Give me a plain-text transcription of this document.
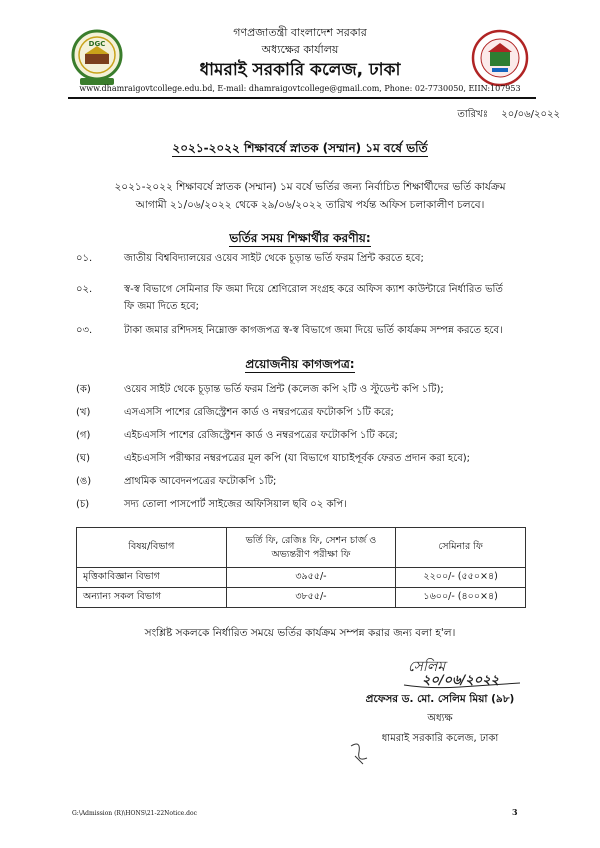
DGC
গণপ্রজাতন্ত্রী বাংলাদেশ সরকার
অধ্যক্ষের কার্যালয়
ধামরাই সরকারি কলেজ, ঢাকা
www.dhamraigovtcollege.edu.bd, E-mail: dhamraigovtcollege@gmail.com, Phone: 02-7730050, EIIN:107953
তারিখঃ ২০/০৬/২০২২
২০২১-২০২২ শিক্ষাবর্ষে স্নাতক (সম্মান) ১ম বর্ষে ভর্তি
২০২১-২০২২ শিক্ষাবর্ষে স্নাতক (সম্মান) ১ম বর্ষে ভর্তির জন্য নির্বাচিত শিক্ষার্থীদের ভর্তি কার্যক্রম
আগামী ২১/০৬/২০২২ থেকে ২৯/০৬/২০২২ তারিখ পর্যন্ত অফিস চলাকালীণ চলবে।
ভর্তির সময় শিক্ষার্থীর করণীয়:
০১.	জাতীয় বিশ্ববিদ্যালয়ের ওয়েব সাইট থেকে চূড়ান্ত ভর্তি ফরম প্রিন্ট করতে হবে;
০২.	স্ব-স্ব বিভাগে সেমিনার ফি জমা দিয়ে শ্রেণিরোল সংগ্রহ করে অফিস ক্যাশ কাউন্টারে নির্ধারিত ভর্তি
ফি জমা দিতে হবে;
০৩.	টাকা জমার রশিদসহ নিম্নোক্ত কাগজপত্র স্ব-স্ব বিভাগে জমা দিয়ে ভর্তি কার্যক্রম সম্পন্ন করতে হবে।
প্রয়োজনীয় কাগজপত্র:
(ক)	ওয়েব সাইট থেকে চূড়ান্ত ভর্তি ফরম প্রিন্ট (কলেজ কপি ২টি ও স্টুডেন্ট কপি ১টি);
(খ)	এসএসসি পাশের রেজিস্ট্রেশন কার্ড ও নম্বরপত্রের ফটোকপি ১টি করে;
(গ)	এইচএসসি পাশের রেজিস্ট্রেশন কার্ড ও নম্বরপত্রের ফটোকপি ১টি করে;
(ঘ)	এইচএসসি পরীক্ষার নম্বরপত্রের মূল কপি (যা বিভাগে যাচাইপূর্বক ফেরত প্রদান করা হবে);
(ঙ)	প্রাথমিক আবেদনপত্রের ফটোকপি ১টি;
(চ)	সদ্য তোলা পাসপোর্ট সাইজের অফিসিয়াল ছবি ০২ কপি।
বিষয়/বিভাগ	ভর্তি ফি, রেজিঃ ফি, সেশন চার্জ ও
অভ্যন্তরীণ পরীক্ষা ফি	সেমিনার ফি
মৃত্তিকাবিজ্ঞান বিভাগ	৩৯৫৫/-	২২০০/- (৫৫০×৪)
অন্যান্য সকল বিভাগ	৩৮৫৫/-	১৬০০/- (৪০০×৪)
সংশ্লিষ্ট সকলকে নির্ধারিত সময়ে ভর্তির কার্যক্রম সম্পন্ন করার জন্য বলা হ'ল।
সেলিম
২০/০৬/২০২২
প্রফেসর ড. মো. সেলিম মিয়া (৯৮)
অধ্যক্ষ
ধামরাই সরকারি কলেজ, ঢাকা
G:\Admission (R)\HONS\21-22Notice.doc	3
